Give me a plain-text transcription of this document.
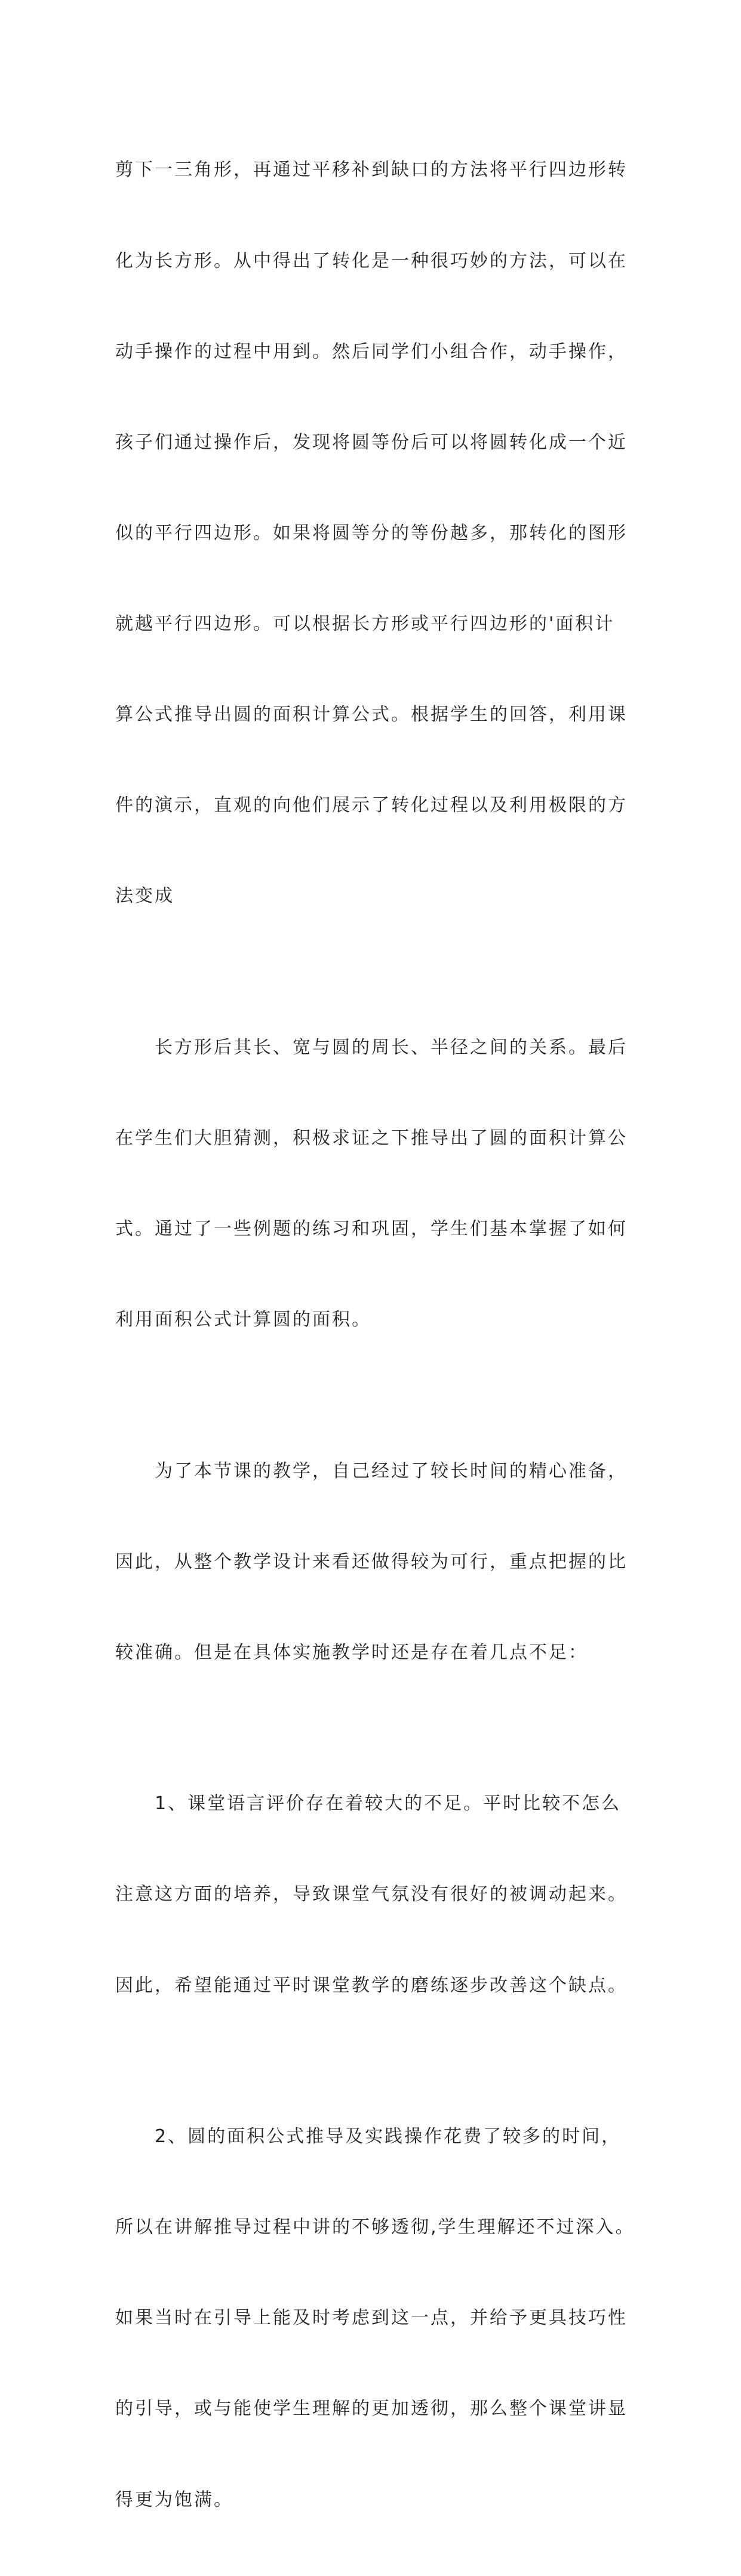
剪下一三角形，再通过平移补到缺口的方法将平行四边形转

化为长方形。从中得出了转化是一种很巧妙的方法，可以在

动手操作的过程中用到。然后同学们小组合作，动手操作，

孩子们通过操作后，发现将圆等份后可以将圆转化成一个近

似的平行四边形。如果将圆等分的等份越多，那转化的图形

就越平行四边形。可以根据长方形或平行四边形的'面积计

算公式推导出圆的面积计算公式。根据学生的回答，利用课

件的演示，直观的向他们展示了转化过程以及利用极限的方

法变成

　　长方形后其长、宽与圆的周长、半径之间的关系。最后

在学生们大胆猜测，积极求证之下推导出了圆的面积计算公

式。通过了一些例题的练习和巩固，学生们基本掌握了如何

利用面积公式计算圆的面积。

　　为了本节课的教学，自己经过了较长时间的精心准备，

因此，从整个教学设计来看还做得较为可行，重点把握的比

较准确。但是在具体实施教学时还是存在着几点不足：

　　1、课堂语言评价存在着较大的不足。平时比较不怎么

注意这方面的培养，导致课堂气氛没有很好的被调动起来。

因此，希望能通过平时课堂教学的磨练逐步改善这个缺点。

　　2、圆的面积公式推导及实践操作花费了较多的时间，

所以在讲解推导过程中讲的不够透彻,学生理解还不过深入。

如果当时在引导上能及时考虑到这一点，并给予更具技巧性

的引导，或与能使学生理解的更加透彻，那么整个课堂讲显

得更为饱满。
